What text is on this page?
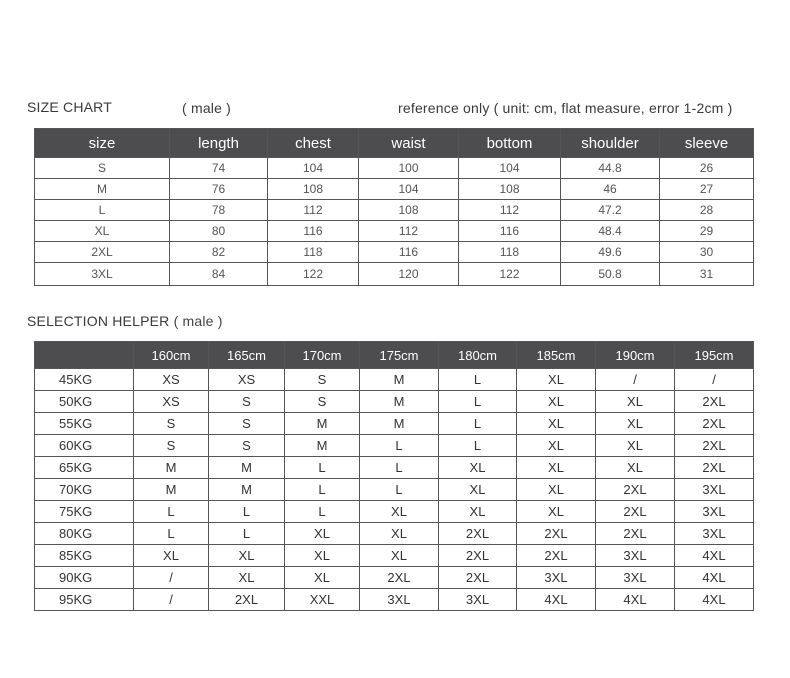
SIZE CHART	( male )	reference only ( unit: cm, flat measure, error 1-2cm )
size	length	chest	waist	bottom	shoulder	sleeve
S	74	104	100	104	44.8	26
M	76	108	104	108	46	27
L	78	112	108	112	47.2	28
XL	80	116	112	116	48.4	29
2XL	82	118	116	118	49.6	30
3XL	84	122	120	122	50.8	31
SELECTION HELPER ( male )
	160cm	165cm	170cm	175cm	180cm	185cm	190cm	195cm
45KG	XS	XS	S	M	L	XL	/	/
50KG	XS	S	S	M	L	XL	XL	2XL
55KG	S	S	M	M	L	XL	XL	2XL
60KG	S	S	M	L	L	XL	XL	2XL
65KG	M	M	L	L	XL	XL	XL	2XL
70KG	M	M	L	L	XL	XL	2XL	3XL
75KG	L	L	L	XL	XL	XL	2XL	3XL
80KG	L	L	XL	XL	2XL	2XL	2XL	3XL
85KG	XL	XL	XL	XL	2XL	2XL	3XL	4XL
90KG	/	XL	XL	2XL	2XL	3XL	3XL	4XL
95KG	/	2XL	XXL	3XL	3XL	4XL	4XL	4XL
